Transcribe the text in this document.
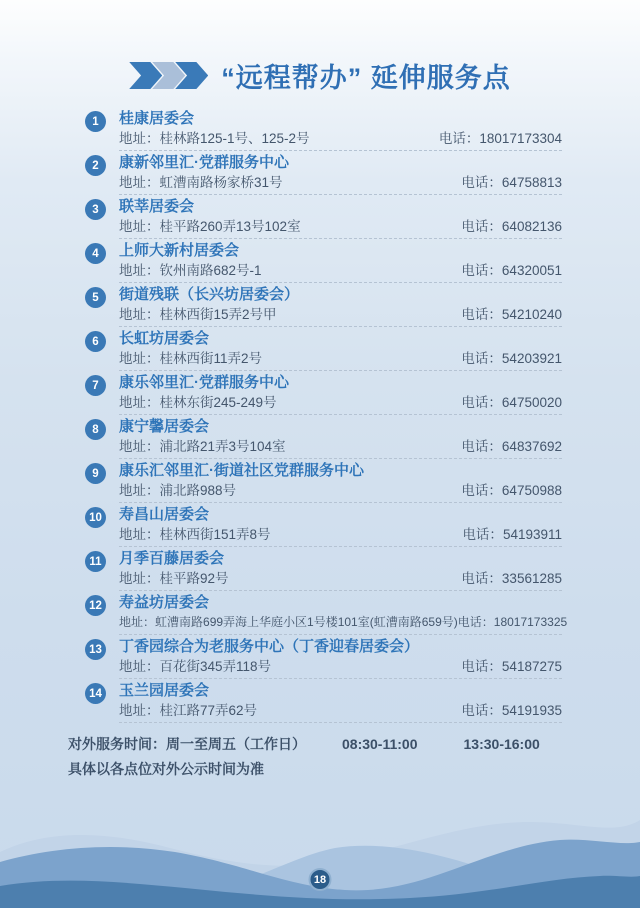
“远程帮办” 延伸服务点
1 桂康居委会
地址：桂林路125-1号、125-2号	电话：18017173304
2 康新邻里汇·党群服务中心
地址：虹漕南路杨家桥31号	电话：64758813
3 联莘居委会
地址：桂平路260弄13号102室	电话：64082136
4 上师大新村居委会
地址：钦州南路682号-1	电话：64320051
5 街道残联（长兴坊居委会）
地址：桂林西街15弄2号甲	电话：54210240
6 长虹坊居委会
地址：桂林西街11弄2号	电话：54203921
7 康乐邻里汇·党群服务中心
地址：桂林东街245-249号	电话：64750020
8 康宁馨居委会
地址：浦北路21弄3号104室	电话：64837692
9 康乐汇邻里汇·街道社区党群服务中心
地址：浦北路988号	电话：64750988
10 寿昌山居委会
地址：桂林西街151弄8号	电话：54193911
11 月季百藤居委会
地址：桂平路92号	电话：33561285
12 寿益坊居委会
地址：虹漕南路699弄海上华庭小区1号楼101室(虹漕南路659号) 电话：18017173325
13 丁香园综合为老服务中心（丁香迎春居委会）
地址：百花街345弄118号	电话：54187275
14 玉兰园居委会
地址：桂江路77弄62号	电话：54191935
对外服务时间： 周一至周五（工作日）	08:30-11:00	13:30-16:00
具体以各点位对外公示时间为准
18
